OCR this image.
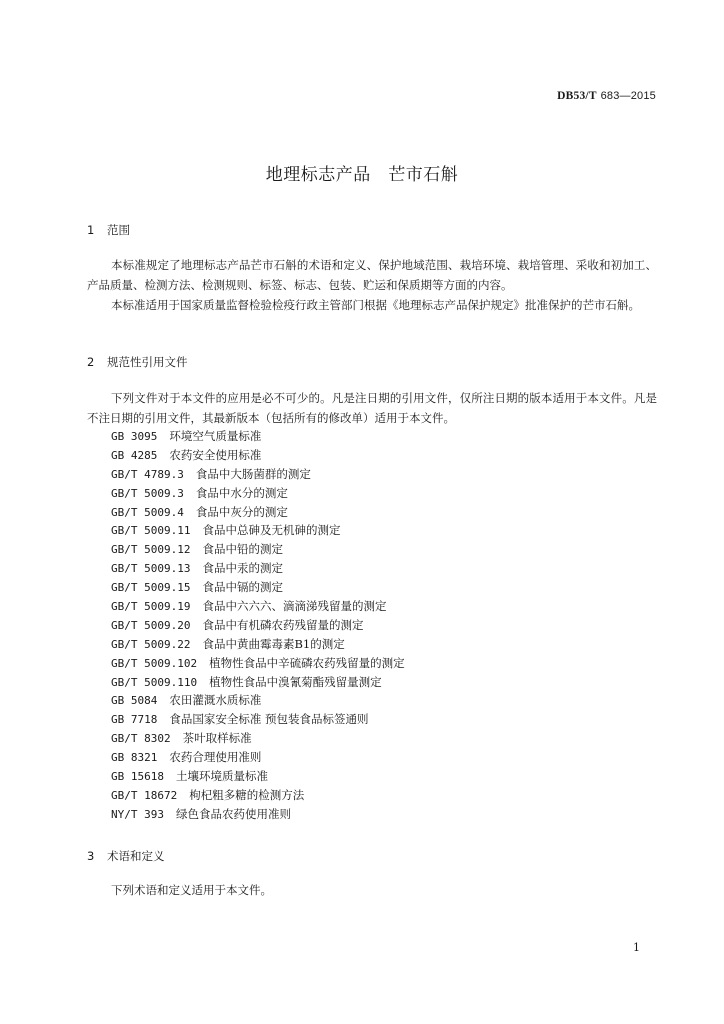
DB53/T 683—2015
地理标志产品　芒市石斛
1 范围

本标准规定了地理标志产品芒市石斛的术语和定义、保护地域范围、栽培环境、栽培管理、采收和初加工、产品质量、检测方法、检测规则、标签、标志、包装、贮运和保质期等方面的内容。

本标准适用于国家质量监督检验检疫行政主管部门根据《地理标志产品保护规定》批准保护的芒市石斛。

2 规范性引用文件

下列文件对于本文件的应用是必不可少的。凡是注日期的引用文件，仅所注日期的版本适用于本文件。凡是不注日期的引用文件，其最新版本（包括所有的修改单）适用于本文件。

GB 3095 环境空气质量标准
GB 4285 农药安全使用标准
GB/T 4789.3 食品中大肠菌群的测定
GB/T 5009.3 食品中水分的测定
GB/T 5009.4 食品中灰分的测定
GB/T 5009.11 食品中总砷及无机砷的测定
GB/T 5009.12 食品中铅的测定
GB/T 5009.13 食品中汞的测定
GB/T 5009.15 食品中镉的测定
GB/T 5009.19 食品中六六六、滴滴涕残留量的测定
GB/T 5009.20 食品中有机磷农药残留量的测定
GB/T 5009.22 食品中黄曲霉毒素B1的测定
GB/T 5009.102 植物性食品中辛硫磷农药残留量的测定
GB/T 5009.110 植物性食品中溴氰菊酯残留量测定
GB 5084 农田灌溉水质标准
GB 7718 食品国家安全标准 预包装食品标签通则
GB/T 8302 茶叶取样标准
GB 8321 农药合理使用准则
GB 15618 土壤环境质量标准
GB/T 18672 枸杞粗多糖的检测方法
NY/T 393 绿色食品农药使用准则
3 术语和定义

下列术语和定义适用于本文件。

1
